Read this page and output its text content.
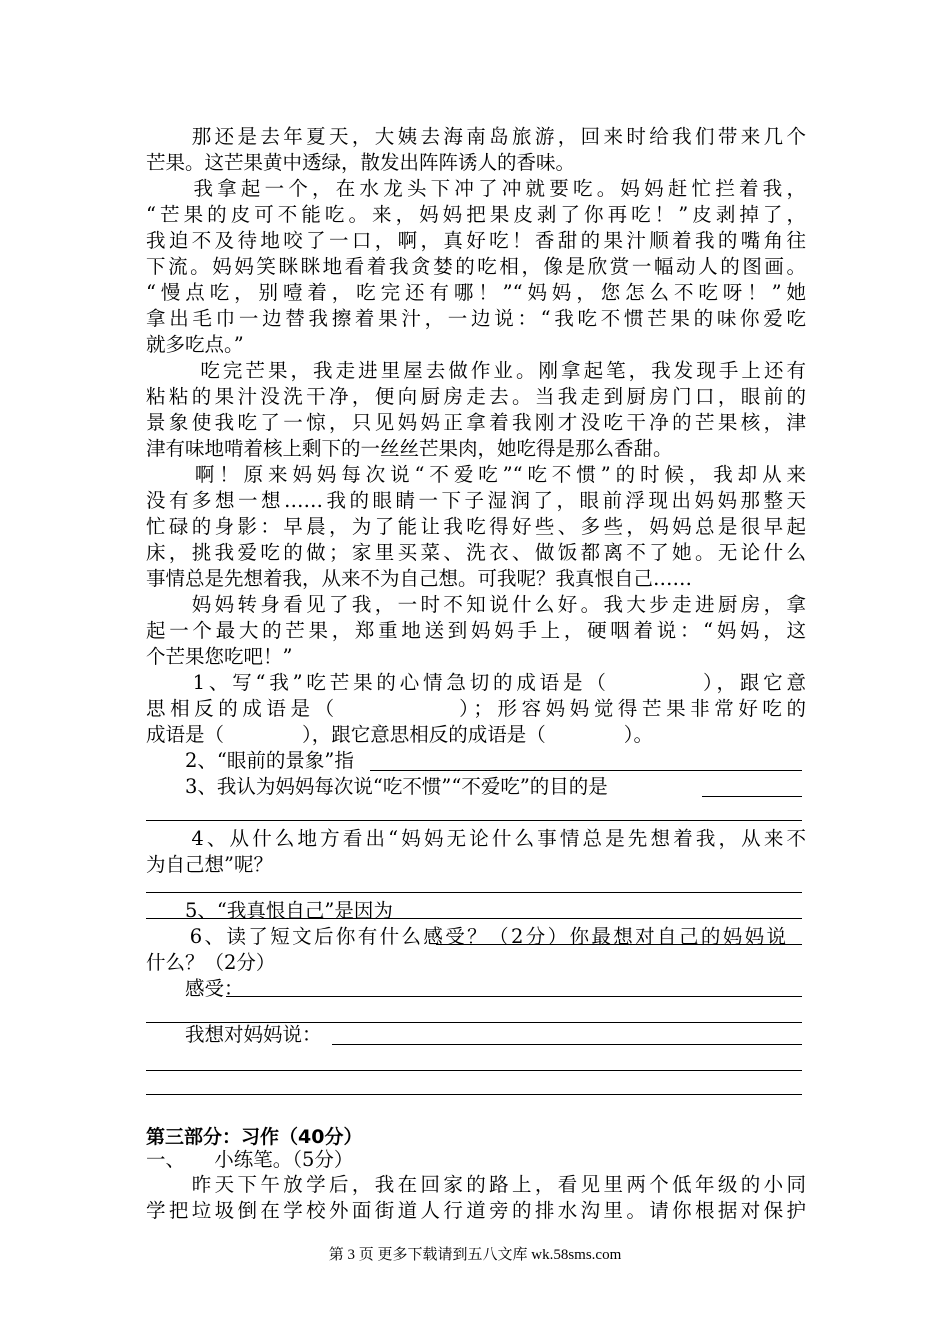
　　那还是去年夏天，大姨去海南岛旅游，回来时给我们带来几个
芒果。这芒果黄中透绿，散发出阵阵诱人的香味。
　　我拿起一个，在水龙头下冲了冲就要吃。妈妈赶忙拦着我，
“芒果的皮可不能吃。来，妈妈把果皮剥了你再吃！”皮剥掉了，
我迫不及待地咬了一口，啊，真好吃！香甜的果汁顺着我的嘴角往
下流。妈妈笑眯眯地看着我贪婪的吃相，像是欣赏一幅动人的图画。
“慢点吃，别噎着，吃完还有哪！”“妈妈，您怎么不吃呀！”她
拿出毛巾一边替我擦着果汁，一边说：“我吃不惯芒果的味你爱吃
就多吃点。”
　　 吃完芒果，我走进里屋去做作业。刚拿起笔，我发现手上还有
粘粘的果汁没洗干净，便向厨房走去。当我走到厨房门口，眼前的
景象使我吃了一惊，只见妈妈正拿着我刚才没吃干净的芒果核，津
津有味地啃着核上剩下的一丝丝芒果肉，她吃得是那么香甜。
　　啊！原来妈妈每次说“不爱吃”“吃不惯”的时候，我却从来
没有多想一想……我的眼睛一下子湿润了，眼前浮现出妈妈那整天
忙碌的身影：早晨，为了能让我吃得好些、多些，妈妈总是很早起
床，挑我爱吃的做；家里买菜、洗衣、做饭都离不了她。无论什么
事情总是先想着我，从来不为自己想。可我呢？我真恨自己……
　　妈妈转身看见了我，一时不知说什么好。我大步走进厨房，拿
起一个最大的芒果，郑重地送到妈妈手上，硬咽着说：“妈妈，这
个芒果您吃吧！”
　　1、写“我”吃芒果的心情急切的成语是（　　　　），跟它意
思相反的成语是（　　　　　）；形容妈妈觉得芒果非常好吃的
成语是（　　　　），跟它意思相反的成语是（　　　　）。
　　2、“眼前的景象”指
　　3、我认为妈妈每次说“吃不惯”“不爱吃”的目的是
　　4、从什么地方看出“妈妈无论什么事情总是先想着我，从来不
为自己想”呢？
　　5、“我真恨自己”是因为
　　6、读了短文后你有什么感受？（2分）你最想对自己的妈妈说
什么？（2分）
　　感受：
　　我想对妈妈说：
第三部分：习作（40分）
一、　　小练笔。（5分）
　　昨天下午放学后，我在回家的路上，看见里两个低年级的小同
学把垃圾倒在学校外面街道人行道旁的排水沟里。请你根据对保护
第 3 页 更多下载请到五八文库 wk.58sms.com
